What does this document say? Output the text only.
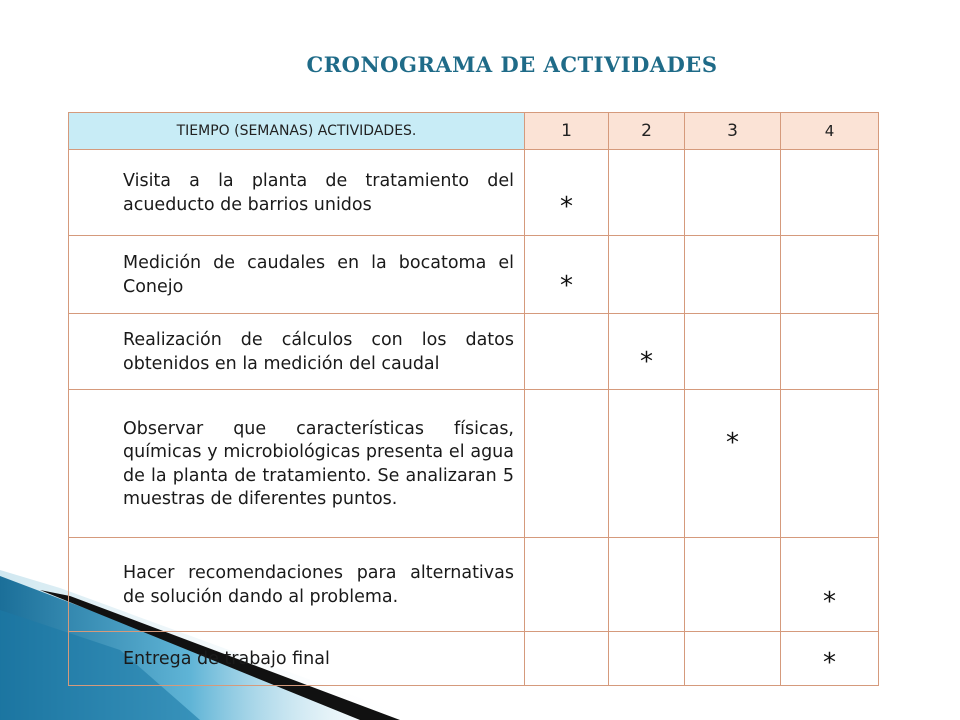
CRONOGRAMA DE ACTIVIDADES
TIEMPO (SEMANAS) ACTIVIDADES.	1	2	3	4
Visita a la planta de tratamiento del acueducto de barrios unidos	*			
Medición de caudales en la bocatoma el Conejo	*			
Realización de cálculos con los datos obtenidos en la medición del caudal		*		
Observar que características físicas, químicas y microbiológicas presenta el agua de la planta de tratamiento. Se analizaran 5 muestras de diferentes puntos.			*	
Hacer recomendaciones para alternativas de solución dando al problema.				*
Entrega de trabajo final				*
